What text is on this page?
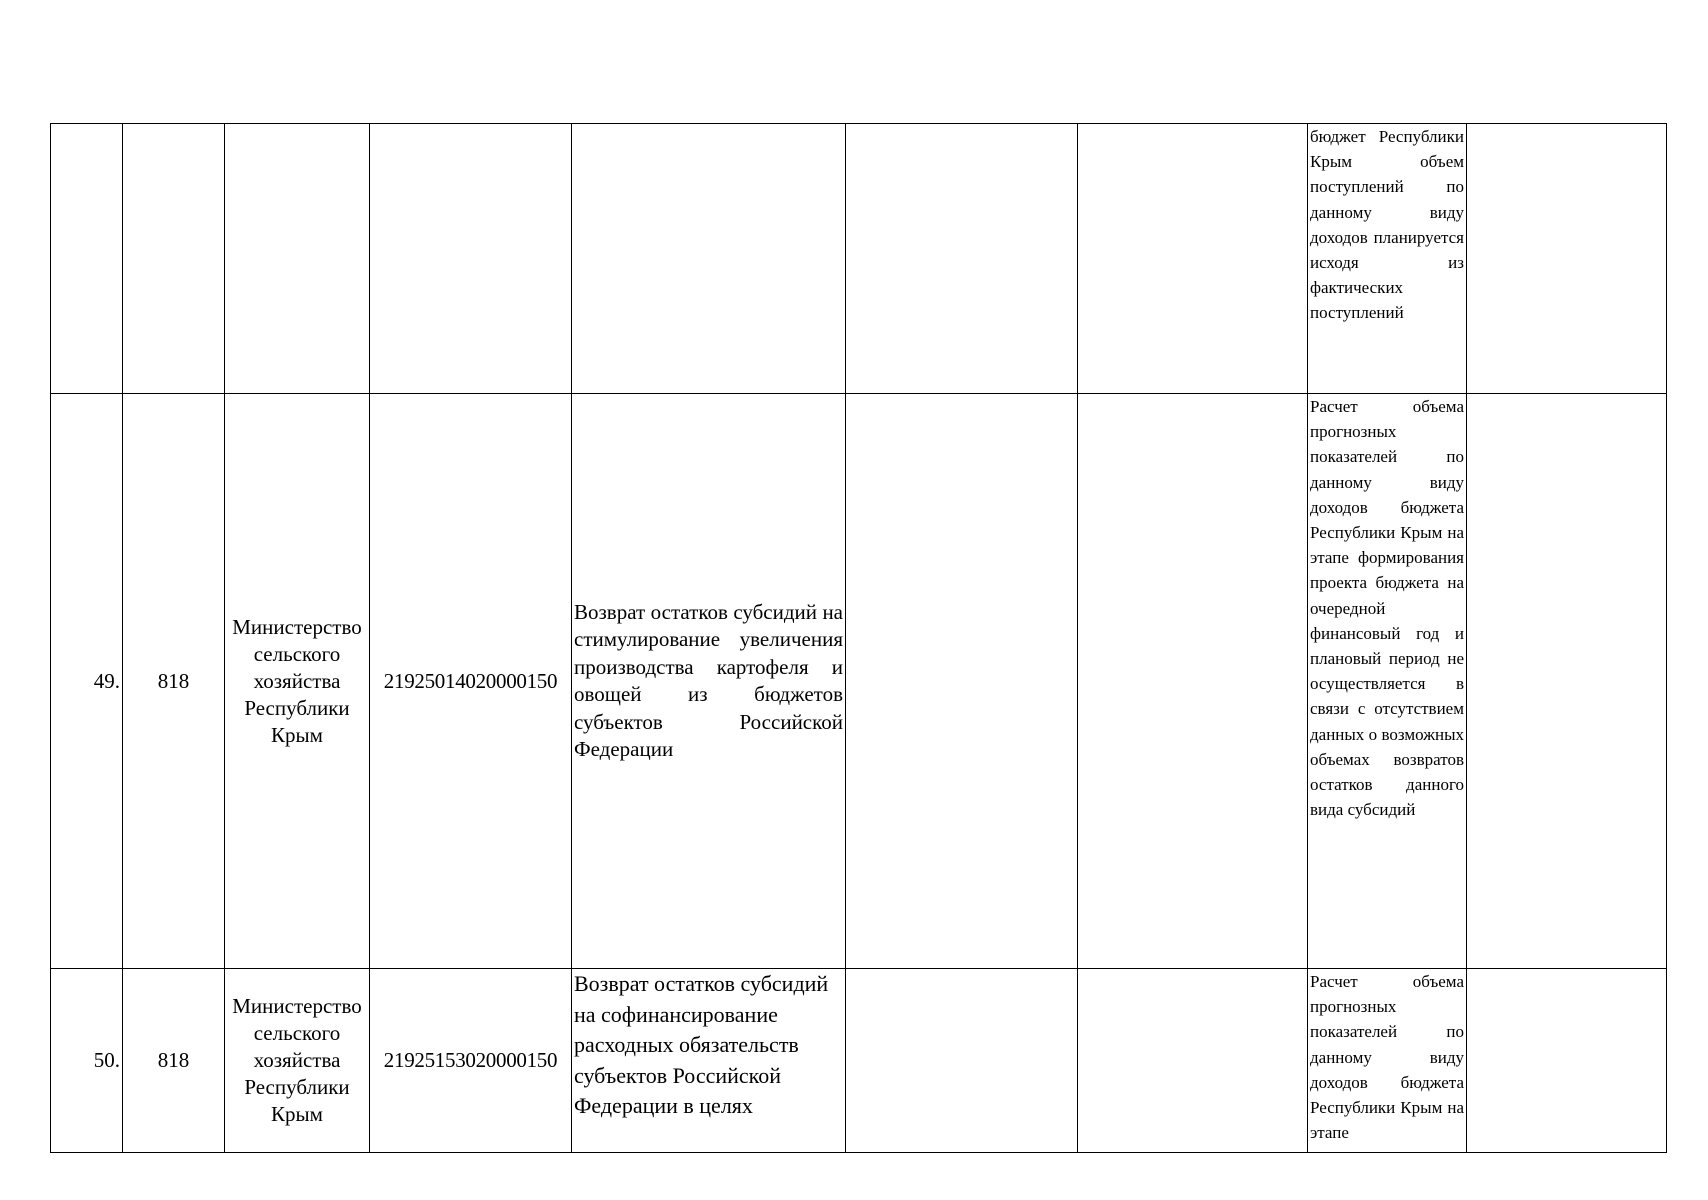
							бюджет Республики Крым объем поступлений по данному виду доходов планируется исходя из фактических поступлений	
49.	818	Министерство сельского хозяйства Республики Крым	21925014020000150	Возврат остатков субсидий на стимулирование увеличения производства картофеля и овощей из бюджетов субъектов Российской Федерации			Расчет объема прогнозных показателей по данному виду доходов бюджета Республики Крым на этапе формирования проекта бюджета на очередной финансовый год и плановый период не осуществляется в связи с отсутствием данных о возможных объемах возвратов остатков данного вида субсидий	
50.	818	Министерство сельского хозяйства Республики Крым	21925153020000150	Возврат остатков субсидий на софинансирование расходных обязательств субъектов Российской Федерации в целях			Расчет объема прогнозных показателей по данному виду доходов бюджета Республики Крым на этапе	
